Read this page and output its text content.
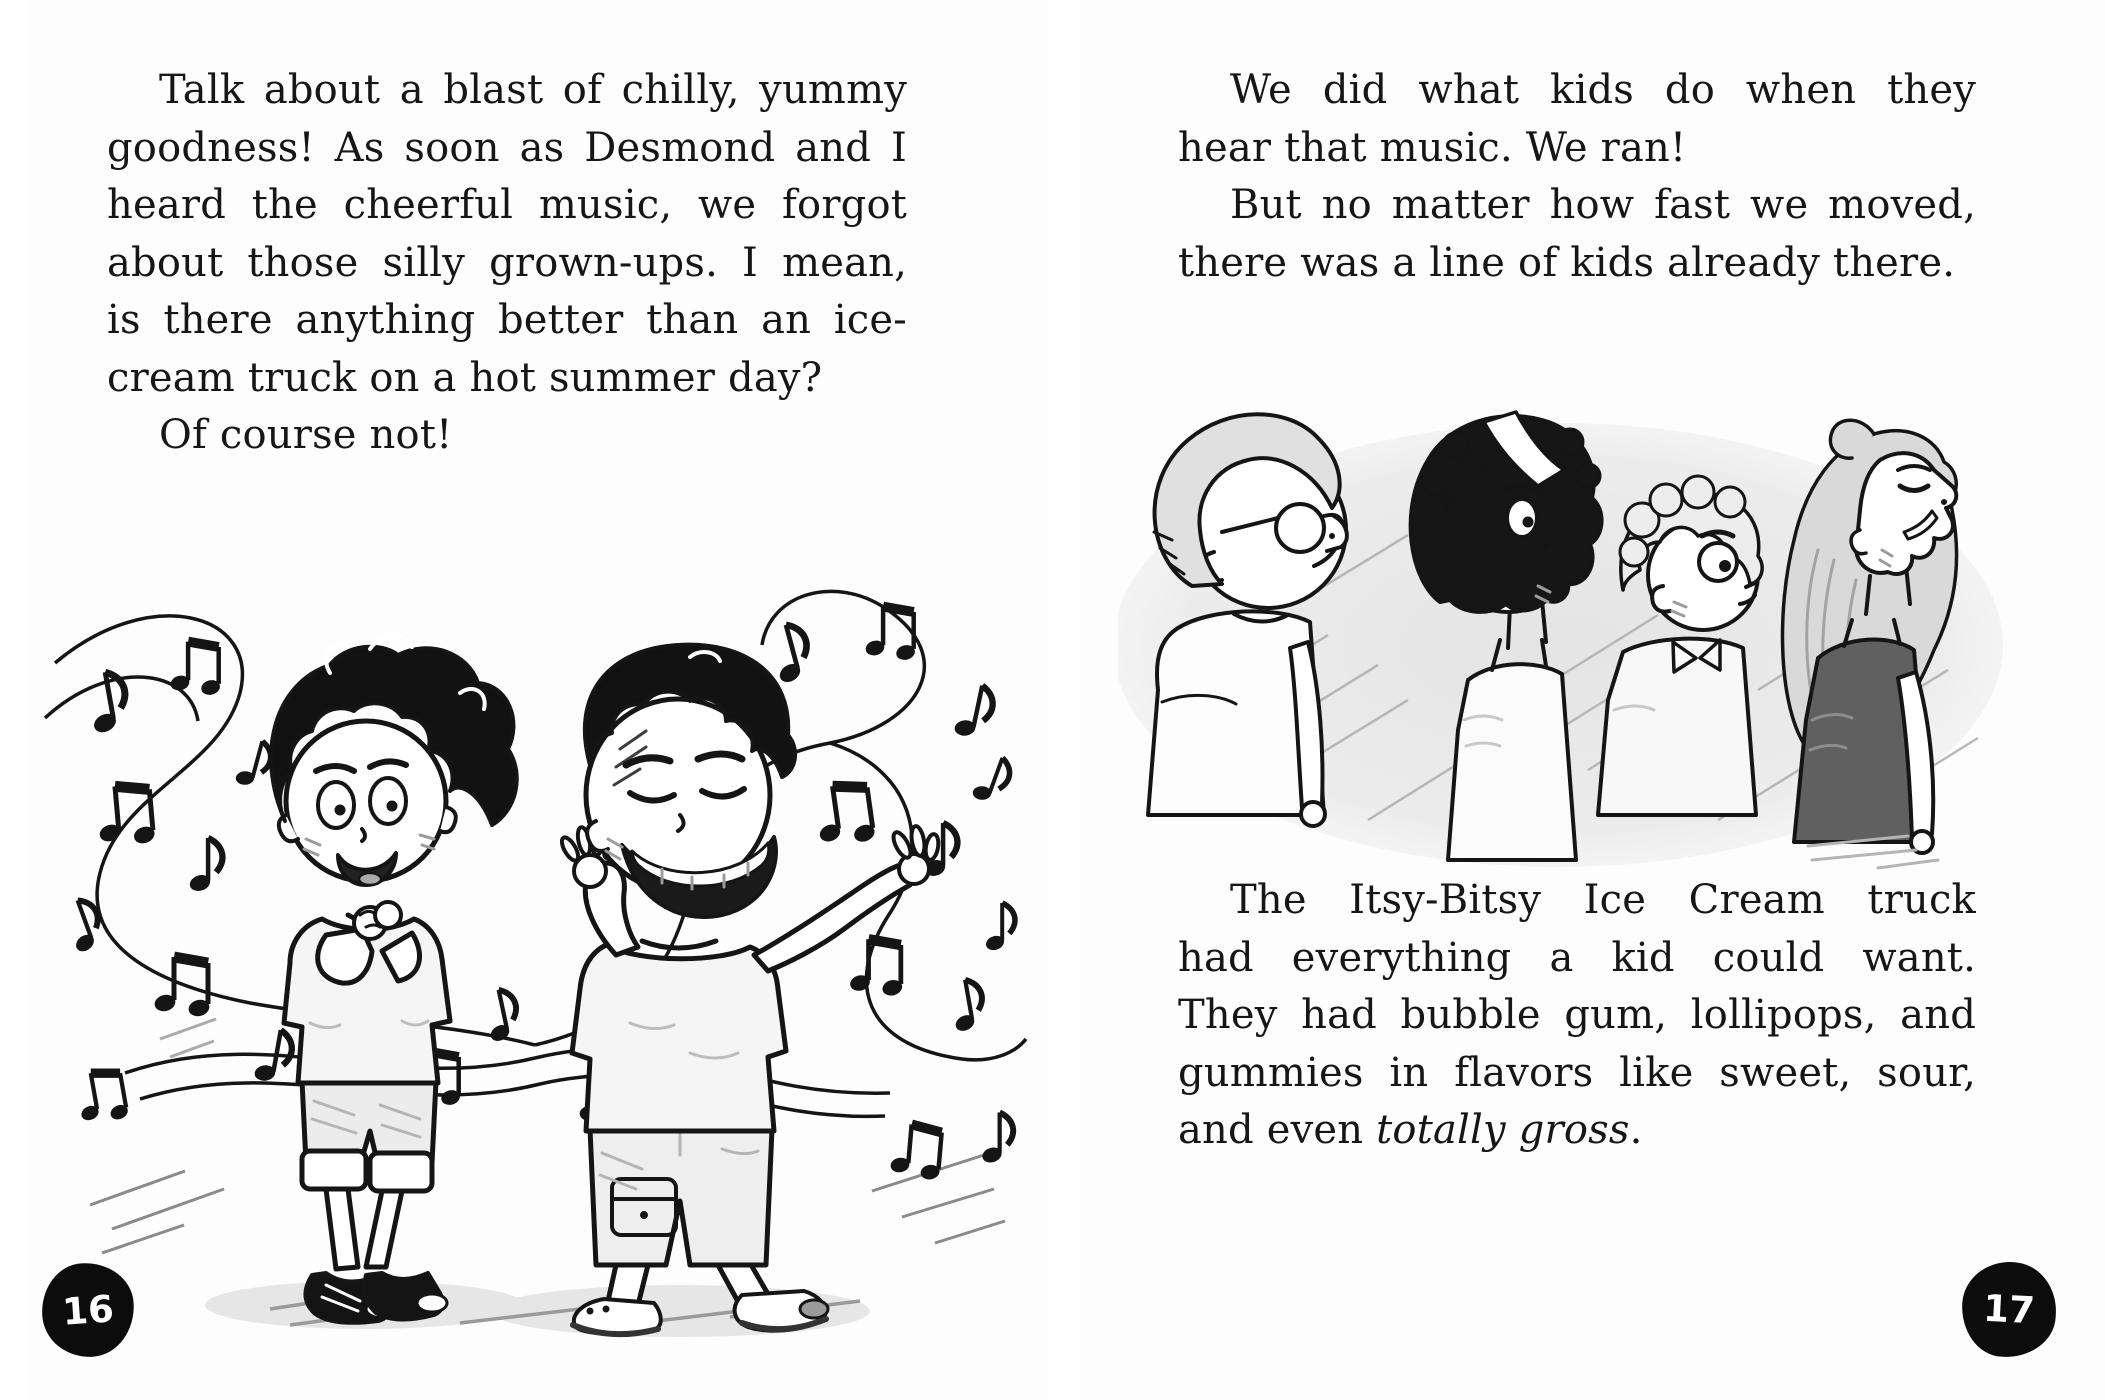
Talk about a blast of chilly, yummy
goodness! As soon as Desmond and I
heard the cheerful music, we forgot
about those silly grown-ups. I mean,
is there anything better than an ice-
cream truck on a hot summer day?
Of course not!
We did what kids do when they
hear that music. We ran!
But no matter how fast we moved,
there was a line of kids already there.
The Itsy-Bitsy Ice Cream truck
had everything a kid could want.
They had bubble gum, lollipops, and
gummies in flavors like sweet, sour,
and even totally gross.
16	17
